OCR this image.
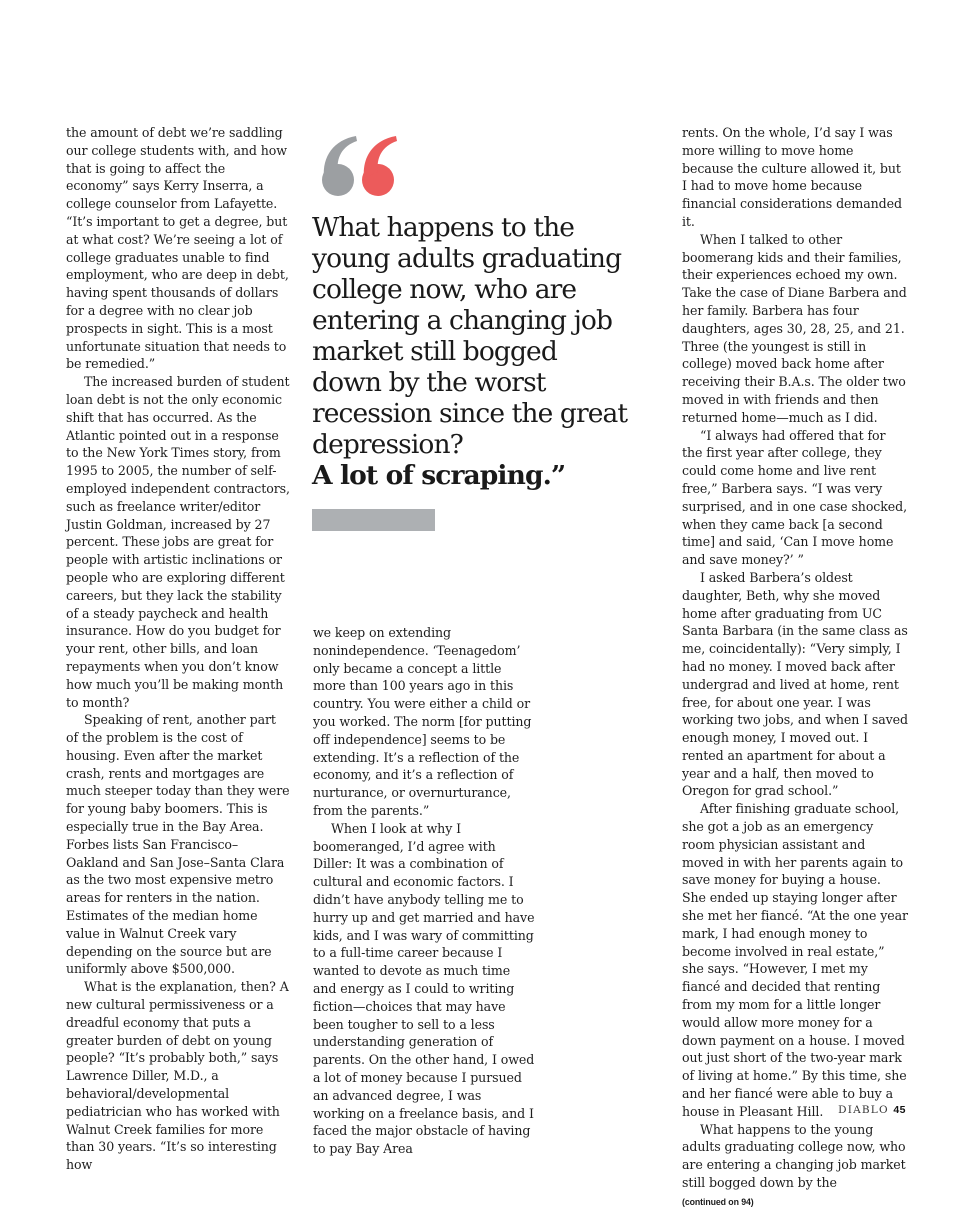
the amount of debt we’re saddling our college students with, and how that is going to affect the economy” says Kerry Inserra, a college counselor from Lafayette. “It’s important to get a degree, but at what cost? We’re seeing a lot of college graduates unable to find employment, who are deep in debt, having spent thousands of dollars for a degree with no clear job prospects in sight. This is a most unfortunate situation that needs to be remedied.”

The increased burden of student loan debt is not the only economic shift that has occurred. As the Atlantic pointed out in a response to the New York Times story, from 1995 to 2005, the number of self-employed independent contractors, such as freelance writer/editor Justin Goldman, increased by 27 percent. These jobs are great for people with artistic inclinations or people who are exploring different careers, but they lack the stability of a steady paycheck and health insurance. How do you budget for your rent, other bills, and loan repayments when you don’t know how much you’ll be making month to month?

Speaking of rent, another part of the problem is the cost of housing. Even after the market crash, rents and mortgages are much steeper today than they were for young baby boomers. This is especially true in the Bay Area. Forbes lists San Francisco–Oakland and San Jose–Santa Clara as the two most expensive metro areas for renters in the nation. Estimates of the median home value in Walnut Creek vary depending on the source but are uniformly above $500,000.

What is the explanation, then? A new cultural permissiveness or a dreadful economy that puts a greater burden of debt on young people? “It’s probably both,” says Lawrence Diller, M.D., a behavioral/developmental pediatrician who has worked with Walnut Creek families for more than 30 years. “It’s so interesting how

What happens to the young adults graduating college now, who are entering a changing job market still bogged down by the worst recession since the great depression?
A lot of scraping.”

we keep on extending nonindependence. ‘Teenagedom’ only became a concept a little more than 100 years ago in this country. You were either a child or you worked. The norm [for putting off independence] seems to be extending. It’s a reflection of the economy, and it’s a reflection of nurturance, or overnurturance, from the parents.”

When I look at why I boomeranged, I’d agree with Diller: It was a combination of cultural and economic factors. I didn’t have anybody telling me to hurry up and get married and have kids, and I was wary of committing to a full-time career because I wanted to devote as much time and energy as I could to writing fiction—choices that may have been tougher to sell to a less understanding generation of parents. On the other hand, I owed a lot of money because I pursued an advanced degree, I was working on a freelance basis, and I faced the major obstacle of having to pay Bay Area

rents. On the whole, I’d say I was more willing to move home because the culture allowed it, but I had to move home because financial considerations demanded it.

When I talked to other boomerang kids and their families, their experiences echoed my own. Take the case of Diane Barbera and her family. Barbera has four daughters, ages 30, 28, 25, and 21. Three (the youngest is still in college) moved back home after receiving their B.A.s. The older two moved in with friends and then returned home—much as I did.

“I always had offered that for the first year after college, they could come home and live rent free,” Barbera says. “I was very surprised, and in one case shocked, when they came back [a second time] and said, ‘Can I move home and save money?’ ”

I asked Barbera’s oldest daughter, Beth, why she moved home after graduating from UC Santa Barbara (in the same class as me, coincidentally): “Very simply, I had no money. I moved back after undergrad and lived at home, rent free, for about one year. I was working two jobs, and when I saved enough money, I moved out. I rented an apartment for about a year and a half, then moved to Oregon for grad school.”

After finishing graduate school, she got a job as an emergency room physician assistant and moved in with her parents again to save money for buying a house. She ended up staying longer after she met her fiancé. “At the one year mark, I had enough money to become involved in real estate,” she says. “However, I met my fiancé and decided that renting from my mom for a little longer would allow more money for a down payment on a house. I moved out just short of the two-year mark of living at home.” By this time, she and her fiancé were able to buy a house in Pleasant Hill.

What happens to the young adults graduating college now, who are entering a changing job market still bogged down by the(continued on 94)

DIABLO 45
